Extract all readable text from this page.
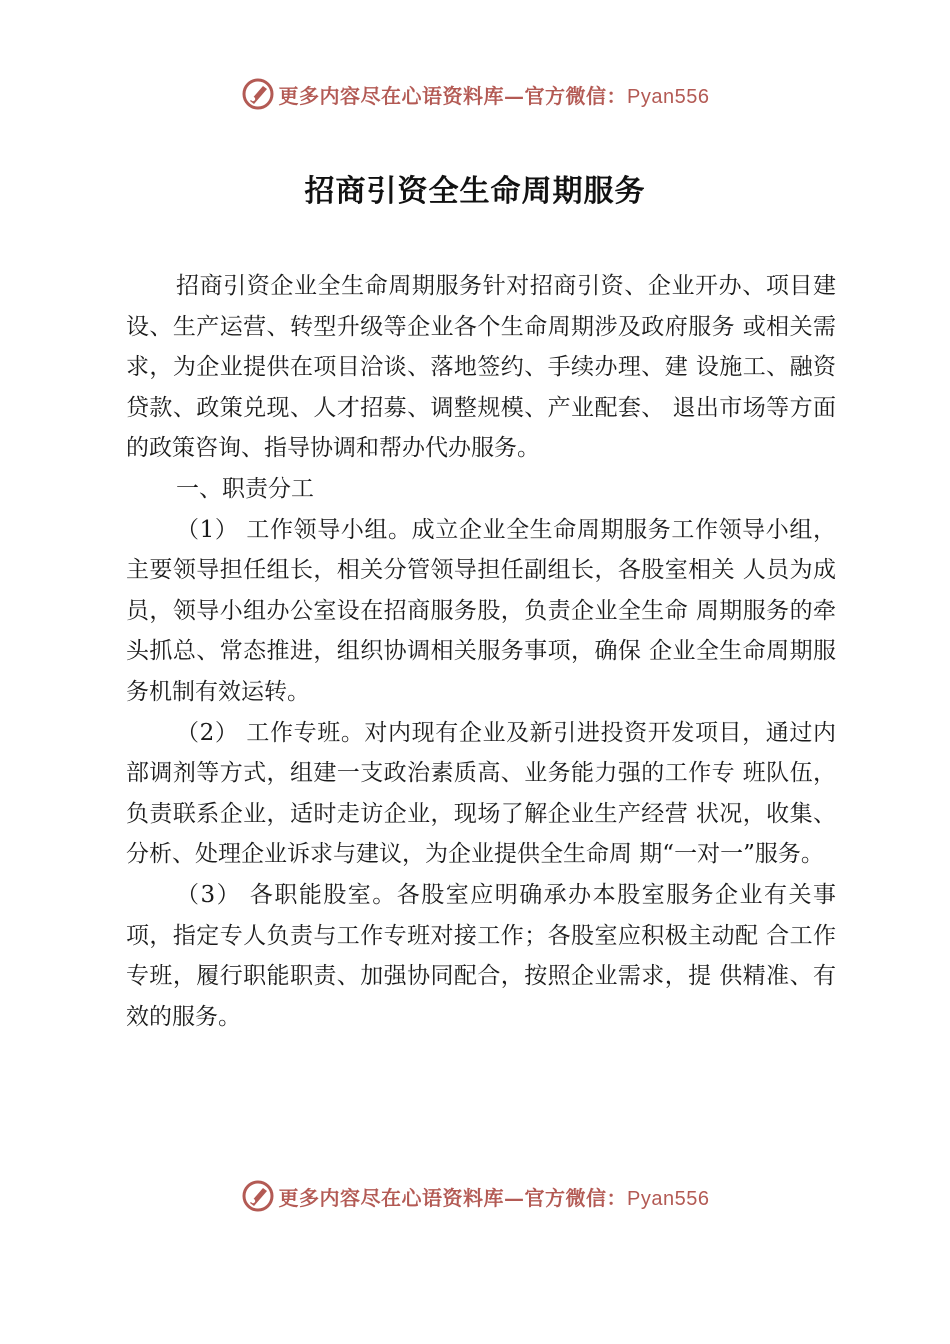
更多内容尽在心语资料库—官方微信：Pyan556
招商引资全生命周期服务

招商引资企业全生命周期服务针对招商引资、企业开办、项目建设、生产运营、转型升级等企业各个生命周期涉及政府服务 或相关需求，为企业提供在项目洽谈、落地签约、手续办理、建 设施工、融资贷款、政策兑现、人才招募、调整规模、产业配套、 退出市场等方面的政策咨询、指导协调和帮办代办服务。

一、职责分工

（1） 工作领导小组。成立企业全生命周期服务工作领导小组，主要领导担任组长，相关分管领导担任副组长，各股室相关 人员为成员，领导小组办公室设在招商服务股，负责企业全生命 周期服务的牵头抓总、常态推进，组织协调相关服务事项，确保 企业全生命周期服务机制有效运转。

（2） 工作专班。对内现有企业及新引进投资开发项目，通过内部调剂等方式，组建一支政治素质高、业务能力强的工作专 班队伍，负责联系企业，适时走访企业，现场了解企业生产经营 状况，收集、分析、处理企业诉求与建议，为企业提供全生命周 期“一对一”服务。

（3） 各职能股室。各股室应明确承办本股室服务企业有关事项，指定专人负责与工作专班对接工作；各股室应积极主动配 合工作专班，履行职能职责、加强协同配合，按照企业需求，提 供精准、有效的服务。

更多内容尽在心语资料库—官方微信：Pyan556
